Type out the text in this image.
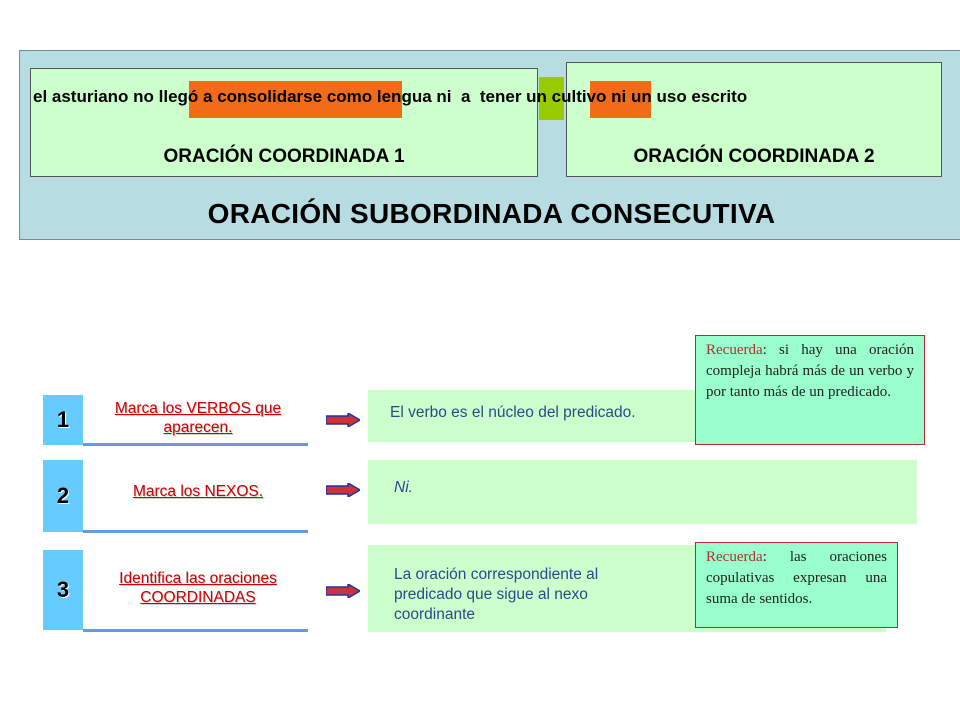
el asturiano no llegó a consolidarse como lengua ni a tener un cultivo ni un uso escrito
ORACIÓN COORDINADA 1	ORACIÓN COORDINADA 2
ORACIÓN SUBORDINADA CONSECUTIVA
1	Marca los VERBOS que aparecen.
El verbo es el núcleo del predicado.
2	Marca los NEXOS.	Ni.
3	Identifica las oraciones COORDINADAS
La oración correspondiente al predicado que sigue al nexo coordinante
Recuerda: si hay una oración compleja habrá más de un verbo y por tanto más de un predicado.
Recuerda: las oraciones copulativas expresan una suma de sentidos.
